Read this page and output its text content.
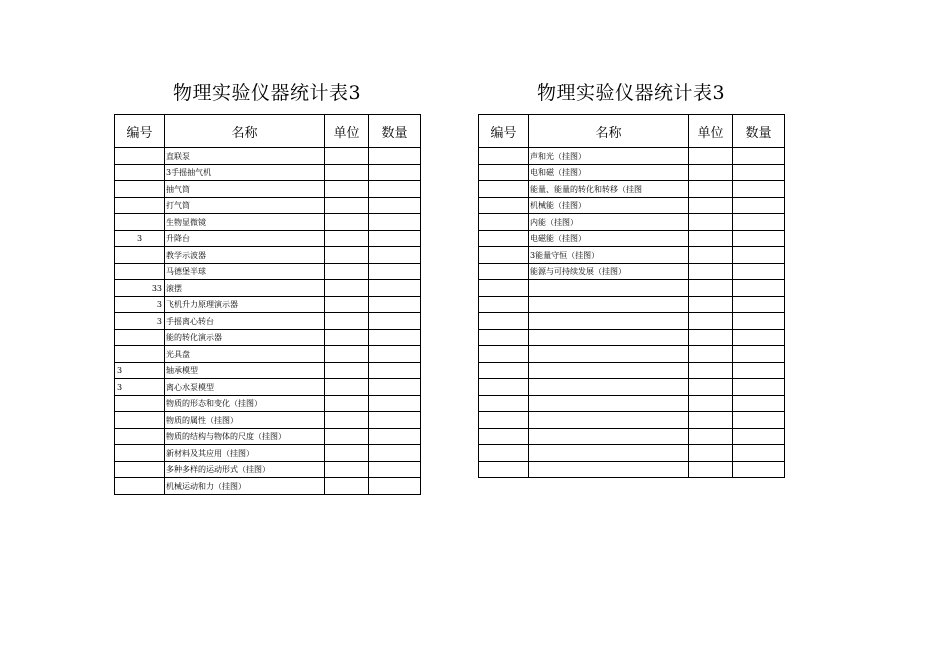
物理实验仪器统计表3
编号	名称	单位	数量
	直联泵		
	3手摇抽气机		
	抽气筒		
	打气筒		
	生物显微镜		
3	升降台		
	教学示波器		
	马德堡半球		
33	滚摆		
3	飞机升力原理演示器		
3	手摇离心转台		
	能的转化演示器		
	光具盘		
3	轴承模型		
3	离心水泵模型		
	物质的形态和变化（挂图）		
	物质的属性（挂图）		
	物质的结构与物体的尺度（挂图）		
	新材料及其应用（挂图）		
	多种多样的运动形式（挂图）		
	机械运动和力（挂图）		
物理实验仪器统计表3
编号	名称	单位	数量
	声和光（挂图）		
	电和磁（挂图）		
	能量、能量的转化和转移（挂图		
	机械能（挂图）		
	内能（挂图）		
	电磁能（挂图）		
	3能量守恒（挂图）		
	能源与可持续发展（挂图）		
